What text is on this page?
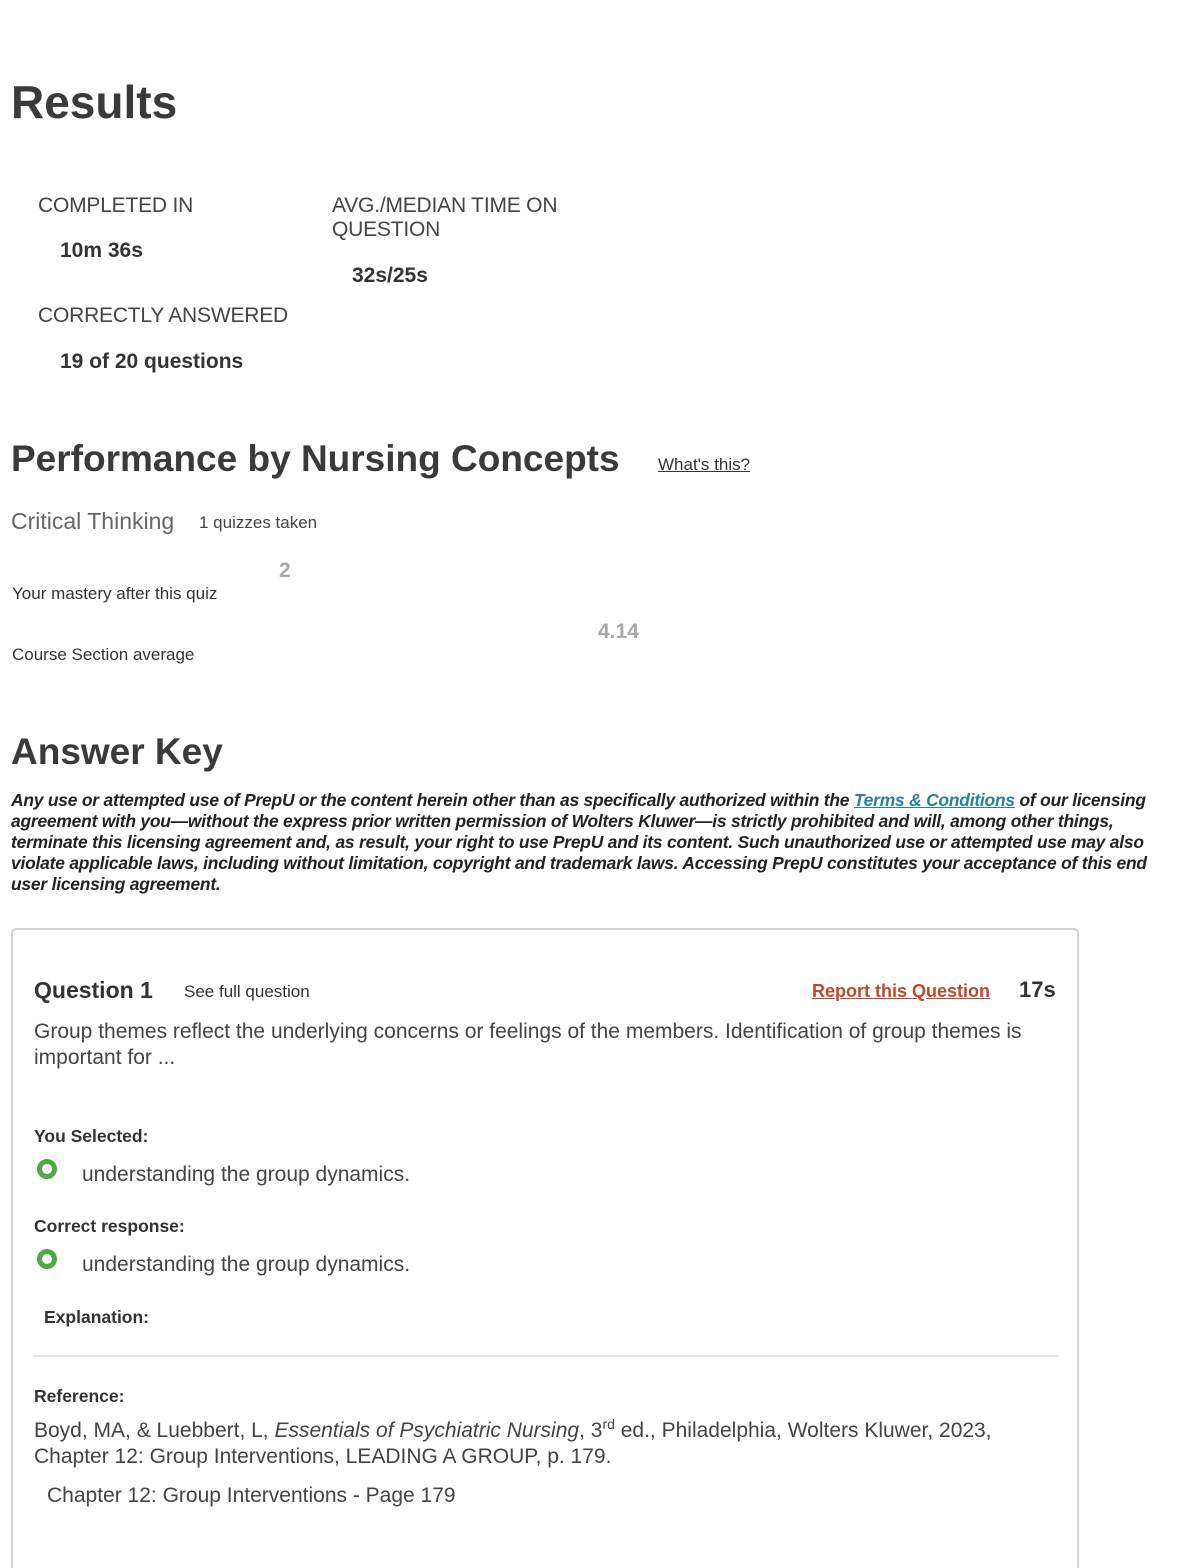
Results
COMPLETED IN
10m 36s
AVG./MEDIAN TIME ON
QUESTION
32s/25s
CORRECTLY ANSWERED
19 of 20 questions
Performance by Nursing Concepts What's this?
Critical Thinking 1 quizzes taken
2
Your mastery after this quiz
4.14
Course Section average
Answer Key
Any use or attempted use of PrepU or the content herein other than as specifically authorized within the Terms & Conditions of our licensing agreement with you—without the express prior written permission of Wolters Kluwer—is strictly prohibited and will, among other things, terminate this licensing agreement and, as result, your right to use PrepU and its content. Such unauthorized use or attempted use may also violate applicable laws, including without limitation, copyright and trademark laws. Accessing PrepU constitutes your acceptance of this end user licensing agreement.
Question 1 See full question	Report this Question 17s
Group themes reflect the underlying concerns or feelings of the members. Identification of group themes is important for ...
You Selected:
understanding the group dynamics.
Correct response:
understanding the group dynamics.
Explanation:
Reference:
Boyd, MA, & Luebbert, L, Essentials of Psychiatric Nursing, 3rd ed., Philadelphia, Wolters Kluwer, 2023, Chapter 12: Group Interventions, LEADING A GROUP, p. 179.
Chapter 12: Group Interventions - Page 179
